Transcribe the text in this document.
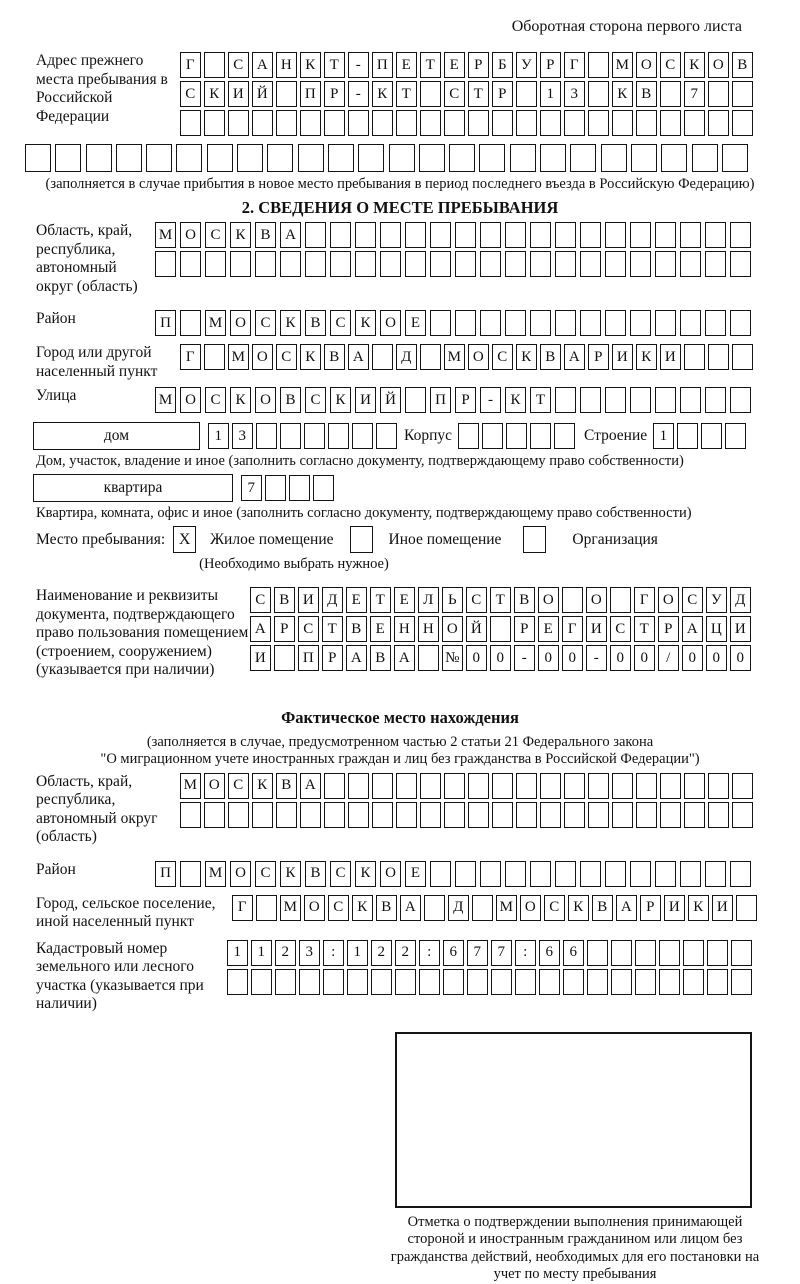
Оборотная сторона первого листа
Адрес прежнего места пребывания в Российской Федерации
Г	С А Н К Т	-	П Е Т Е	Р	Б У Р	Г	М О С К О В
С К И Й	П Р	-	К Т	С Т	Р	1	3	К В	7
(заполняется в случае прибытия в новое место пребывания в период последнего въезда в Российскую Федерацию)
2. СВЕДЕНИЯ О МЕСТЕ ПРЕБЫВАНИЯ
Область, край, республика, автономный округ (область)
М О С К В А
Район	П	М О С К В С К О Е
Город или другой населенный пункт
Г	М О С К В А	Д	М О С К В А Р И К И
Улица	М О С К О В С К И Й	П	Р	-	К	Т
дом	1	3	Корпус	Строение 1
Дом, участок, владение и иное (заполнить согласно документу, подтверждающему право собственности)
квартира	7
Квартира, комната, офис и иное (заполнить согласно документу, подтверждающему право собственности)
Место пребывания: X	Жилое помещение	Иное помещение	Организация
(Необходимо выбрать нужное)
Наименование и реквизиты документа, подтверждающего право пользования помещением (строением, сооружением) (указывается при наличии)
С В И Д Е Т Е Л Ь С Т В О	О	Г О С У Д
А Р С Т В Е Н Н О Й	Р	Е	Г И С Т	Р А Ц И
И	П Р А В А	№ 0	0	-	0	0	-	0	0	/	0	0	0
Фактическое место нахождения
(заполняется в случае, предусмотренном частью 2 статьи 21 Федерального закона
"О миграционном учете иностранных граждан и лиц без гражданства в Российской Федерации")
Область, край, республика, автономный округ (область)
М О С К В А
Район	П	М О С К В С К О Е
Город, сельское поселение, иной населенный пункт
Г	М О С К В А	Д	М О С К В А Р И К И
Кадастровый номер земельного или лесного участка (указывается при наличии)
1	1	2	3	:	1	2	2	:	6	7	7	:	6	6
Отметка о подтверждении выполнения принимающей стороной и иностранным гражданином или лицом без гражданства действий, необходимых для его постановки на учет по месту пребывания
